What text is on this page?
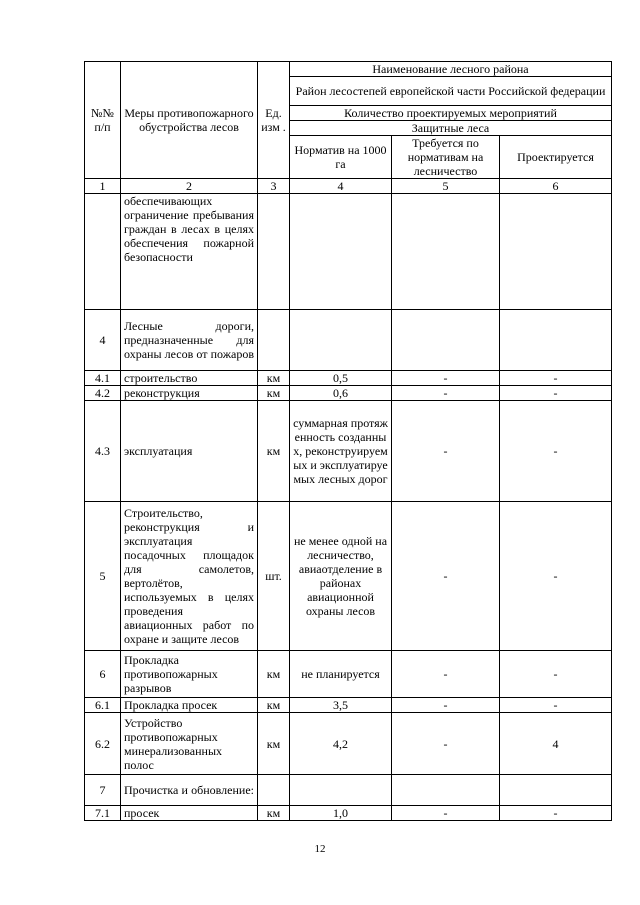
№№ п/п	Меры противопожарного обустройства лесов	Ед. изм .	Наименование лесного района		
			Район лесостепей европейской части Российской федерации		
			Количество проектируемых мероприятий		
			Защитные леса		
			Норматив на 1000 га	Требуется по нормативам на лесничество	Проектируется
1	2	3	4	5	6
	обеспечивающих ограничение пребывания граждан в лесах в целях обеспечения пожарной безопасности				
4	Лесные дороги, предназначенные для охраны лесов от пожаров				
4.1	строительство	км	0,5	-	-
4.2	реконструкция	км	0,6	-	-
4.3	эксплуатация	км	суммарная протяженность созданных, реконструируемых и эксплуатируемых лесных дорог	-	-
5	Строительство, реконструкция и эксплуатация посадочных площадок для самолетов, вертолётов, используемых в целях проведения авиационных работ по охране и защите лесов	шт.	не менее одной на лесничество, авиаотделение в районах авиационной охраны лесов	-	-
6	Прокладка противопожарных разрывов	км	не планируется	-	-
6.1	Прокладка просек	км	3,5	-	-
6.2	Устройство противопожарных минерализованных полос	км	4,2	-	4
7	Прочистка и обновление:				
7.1	просек	км	1,0	-	-
12
